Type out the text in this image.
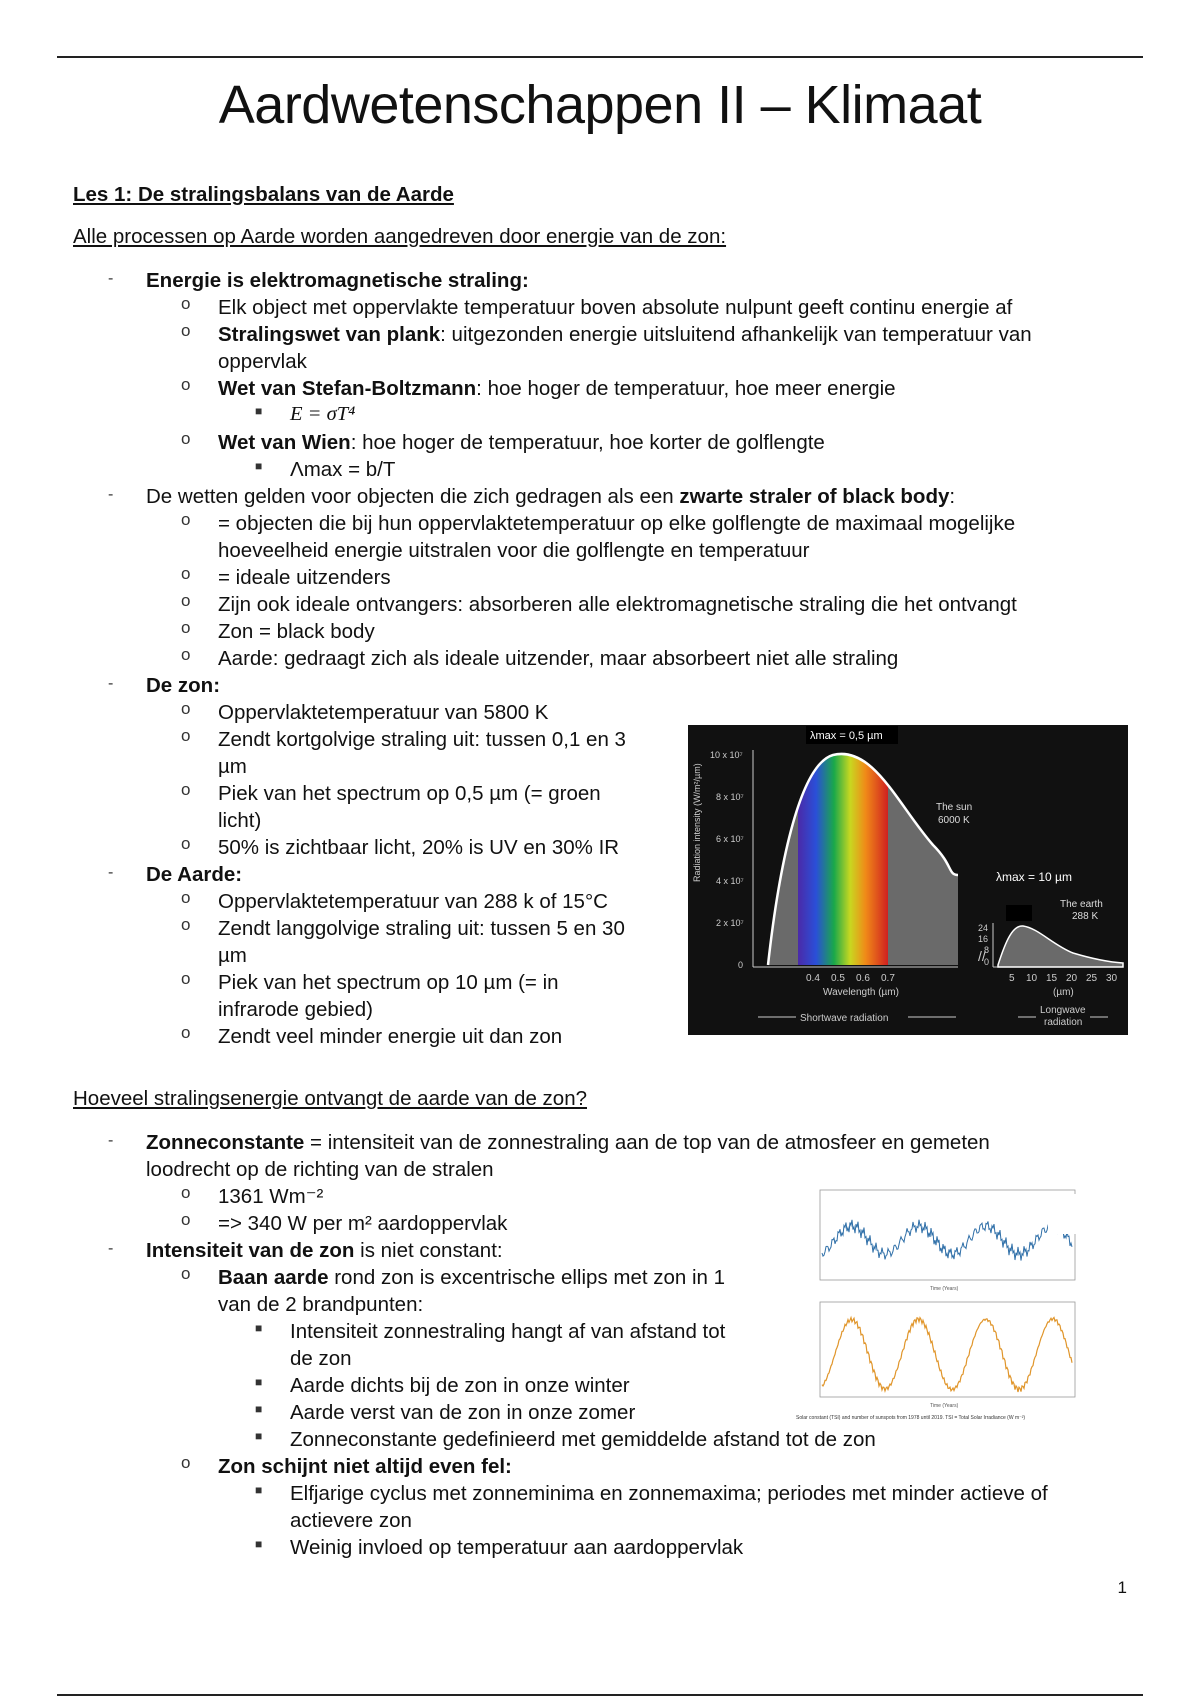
Aardwetenschappen II – Klimaat
Les 1: De stralingsbalans van de Aarde
Alle processen op Aarde worden aangedreven door energie van de zon:
- Energie is elektromagnetische straling:
o Elk object met oppervlakte temperatuur boven absolute nulpunt geeft continu energie af
o Stralingswet van plank: uitgezonden energie uitsluitend afhankelijk van temperatuur van
oppervlak
o Wet van Stefan-Boltzmann: hoe hoger de temperatuur, hoe meer energie
■ E = σT⁴
o Wet van Wien: hoe hoger de temperatuur, hoe korter de golflengte
■ Λmax = b/T
- De wetten gelden voor objecten die zich gedragen als een zwarte straler of black body:
o = objecten die bij hun oppervlaktetemperatuur op elke golflengte de maximaal mogelijke
hoeveelheid energie uitstralen voor die golflengte en temperatuur
o = ideale uitzenders
o Zijn ook ideale ontvangers: absorberen alle elektromagnetische straling die het ontvangt
o Zon = black body
o Aarde: gedraagt zich als ideale uitzender, maar absorbeert niet alle straling
- De zon:
o Oppervlaktetemperatuur van 5800 K
o Zendt kortgolvige straling uit: tussen 0,1 en 3
µm
o Piek van het spectrum op 0,5 µm (= groen
licht)
o 50% is zichtbaar licht, 20% is UV en 30% IR
- De Aarde:
o Oppervlaktetemperatuur van 288 k of 15°C
o Zendt langgolvige straling uit: tussen 5 en 30
µm
o Piek van het spectrum op 10 µm (= in
infrarode gebied)
o Zendt veel minder energie uit dan zon
Radiation intensity (W/m²/µm)
10 x 10⁷
8 x 10⁷
6 x 10⁷
4 x 10⁷
2 x 10⁷
0
λmax = 0,5 µm
The sun
6000 K
0.4 0.5 0.6 0.7
Wavelength (µm)
Shortwave radiation
λmax = 10 µm
The earth
288 K
24
16
8
0
5 10 15 20 25 30
(µm)
Longwave
radiation
//
Hoeveel stralingsenergie ontvangt de aarde van de zon?
- Zonneconstante = intensiteit van de zonnestraling aan de top van de atmosfeer en gemeten
loodrecht op de richting van de stralen
o 1361 Wm⁻²
o => 340 W per m² aardoppervlak
- Intensiteit van de zon is niet constant:
o Baan aarde rond zon is excentrische ellips met zon in 1
van de 2 brandpunten:
■ Intensiteit zonnestraling hangt af van afstand tot
de zon
■ Aarde dichts bij de zon in onze winter
■ Aarde verst van de zon in onze zomer
■ Zonneconstante gedefinieerd met gemiddelde afstand tot de zon
o Zon schijnt niet altijd even fel:
■ Elfjarige cyclus met zonneminima en zonnemaxima; periodes met minder actieve of
actievere zon
■ Weinig invloed op temperatuur aan aardoppervlak
Time (Years)
Time (Years)
Solar constant (TSI) and number of sunspots from 1978 until 2019. TSI = Total Solar Irradiance (W m⁻²)
1
